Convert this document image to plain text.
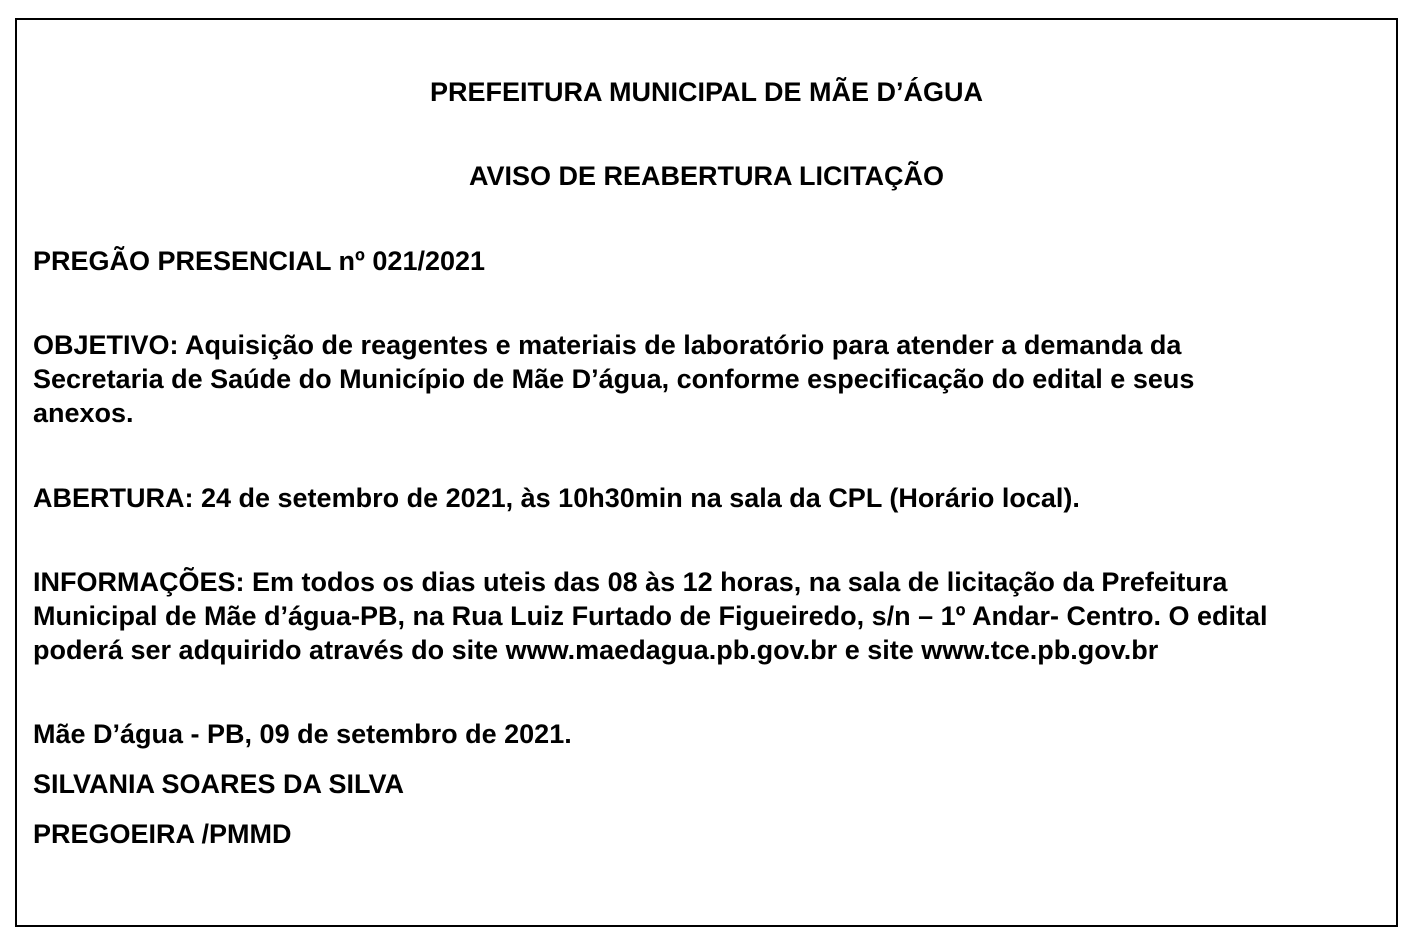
PREFEITURA MUNICIPAL DE MÃE D’ÁGUA

AVISO DE REABERTURA LICITAÇÃO

PREGÃO PRESENCIAL nº 021/2021

OBJETIVO: Aquisição de reagentes e materiais de laboratório para atender a demanda da

Secretaria de Saúde do Município de Mãe D’água, conforme especificação do edital e seus

anexos.

ABERTURA: 24 de setembro de 2021, às 10h30min na sala da CPL (Horário local).

INFORMAÇÕES: Em todos os dias uteis das 08 às 12 horas, na sala de licitação da Prefeitura

Municipal de Mãe d’água-PB, na Rua Luiz Furtado de Figueiredo, s/n – 1º Andar- Centro. O edital

poderá ser adquirido através do site www.maedagua.pb.gov.br e site www.tce.pb.gov.br

Mãe D’água - PB, 09 de setembro de 2021.

SILVANIA SOARES DA SILVA

PREGOEIRA /PMMD
